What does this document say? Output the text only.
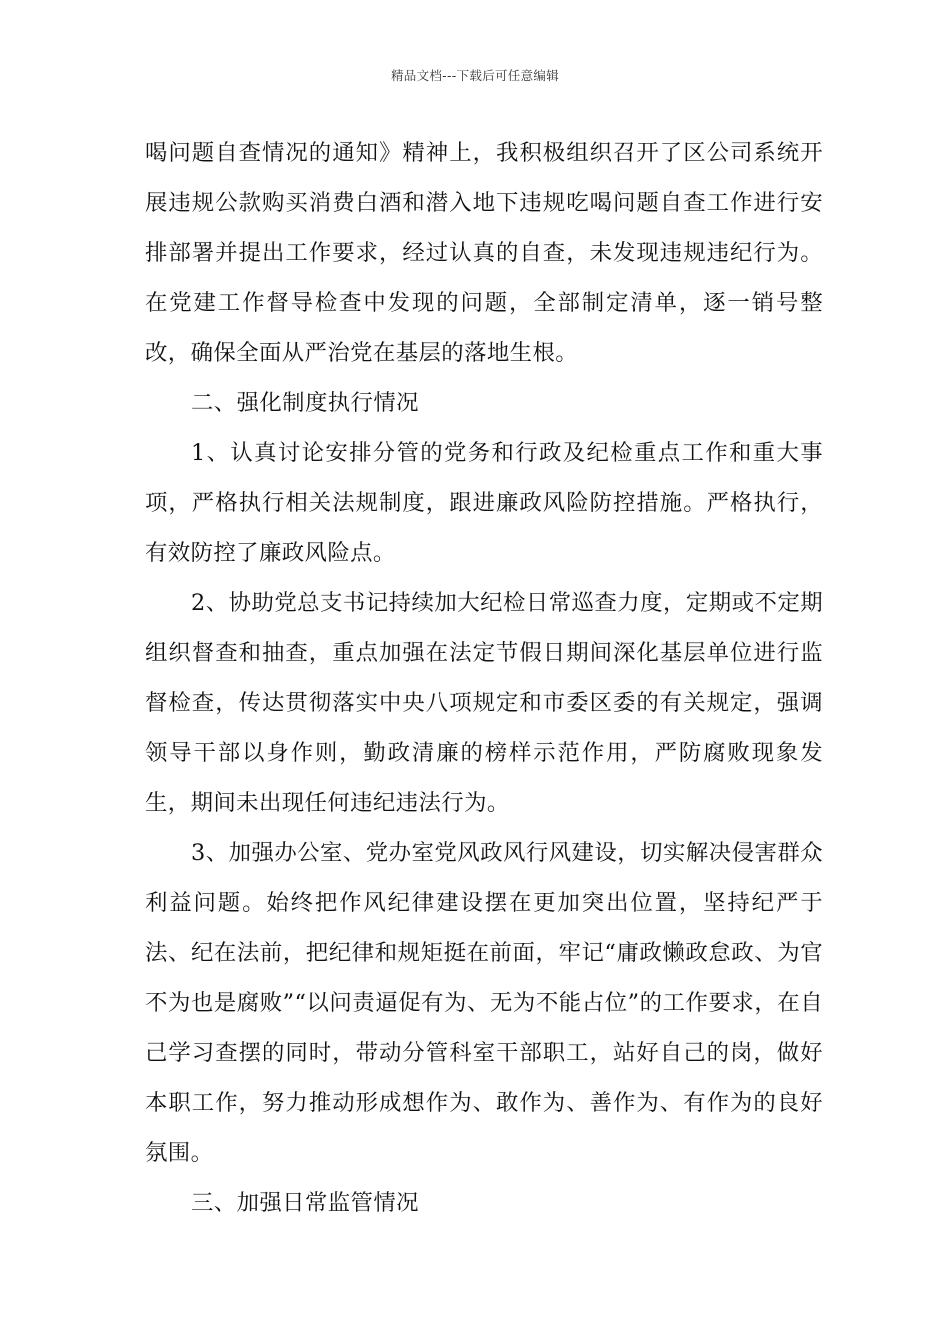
精品文档---下载后可任意编辑

喝问题自查情况的通知》精神上，我积极组织召开了区公司系统开展违规公款购买消费白酒和潜入地下违规吃喝问题自查工作进行安排部署并提出工作要求，经过认真的自查，未发现违规违纪行为。在党建工作督导检查中发现的问题，全部制定清单，逐一销号整改，确保全面从严治党在基层的落地生根。

二、强化制度执行情况

1、认真讨论安排分管的党务和行政及纪检重点工作和重大事项，严格执行相关法规制度，跟进廉政风险防控措施。严格执行，有效防控了廉政风险点。

2、协助党总支书记持续加大纪检日常巡查力度，定期或不定期组织督查和抽查，重点加强在法定节假日期间深化基层单位进行监督检查，传达贯彻落实中央八项规定和市委区委的有关规定，强调领导干部以身作则，勤政清廉的榜样示范作用，严防腐败现象发生，期间未出现任何违纪违法行为。

3、加强办公室、党办室党风政风行风建设，切实解决侵害群众利益问题。始终把作风纪律建设摆在更加突出位置，坚持纪严于法、纪在法前，把纪律和规矩挺在前面，牢记“庸政懒政怠政、为官不为也是腐败”“以问责逼促有为、无为不能占位”的工作要求，在自己学习查摆的同时，带动分管科室干部职工，站好自己的岗，做好本职工作，努力推动形成想作为、敢作为、善作为、有作为的良好氛围。

三、加强日常监管情况
